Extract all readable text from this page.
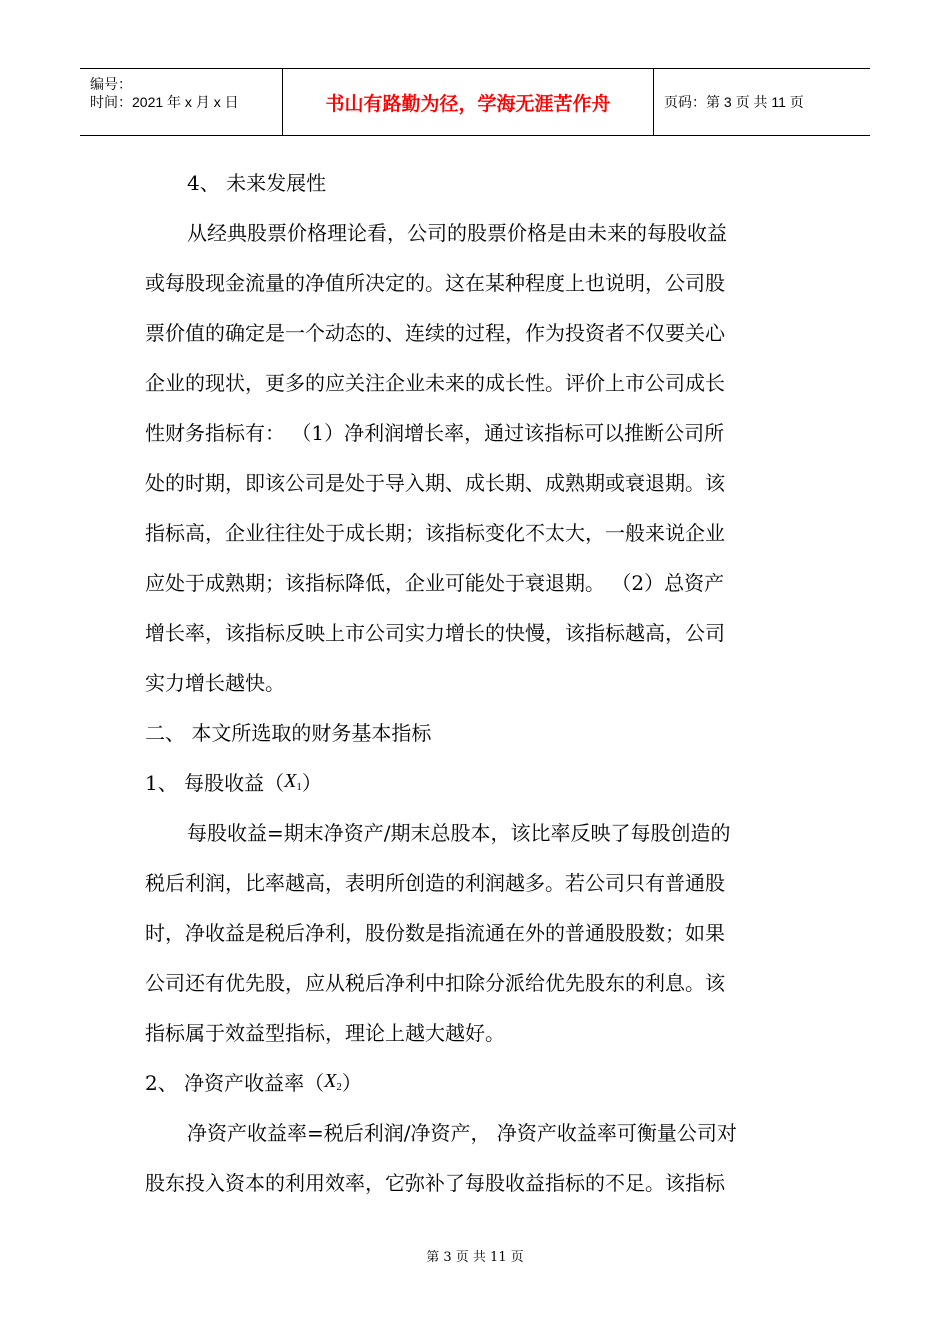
编号：
时间：2021 年 x 月 x 日	书山有路勤为径，学海无涯苦作舟	页码：第 3 页 共 11 页
4、 未来发展性
从经典股票价格理论看，公司的股票价格是由未来的每股收益
或每股现金流量的净值所决定的。这在某种程度上也说明，公司股
票价值的确定是一个动态的、连续的过程，作为投资者不仅要关心
企业的现状，更多的应关注企业未来的成长性。评价上市公司成长
性财务指标有： （1）净利润增长率，通过该指标可以推断公司所
处的时期，即该公司是处于导入期、成长期、成熟期或衰退期。该
指标高，企业往往处于成长期；该指标变化不太大，一般来说企业
应处于成熟期；该指标降低，企业可能处于衰退期。 （2）总资产
增长率，该指标反映上市公司实力增长的快慢，该指标越高，公司
实力增长越快。
二、 本文所选取的财务基本指标
1、 每股收益（X1）
每股收益=期末净资产/期末总股本，该比率反映了每股创造的
税后利润，比率越高，表明所创造的利润越多。若公司只有普通股
时，净收益是税后净利，股份数是指流通在外的普通股股数；如果
公司还有优先股，应从税后净利中扣除分派给优先股东的利息。该
指标属于效益型指标，理论上越大越好。
2、 净资产收益率（X2）
净资产收益率=税后利润/净资产， 净资产收益率可衡量公司对
股东投入资本的利用效率，它弥补了每股收益指标的不足。该指标
第 3 页 共 11 页
